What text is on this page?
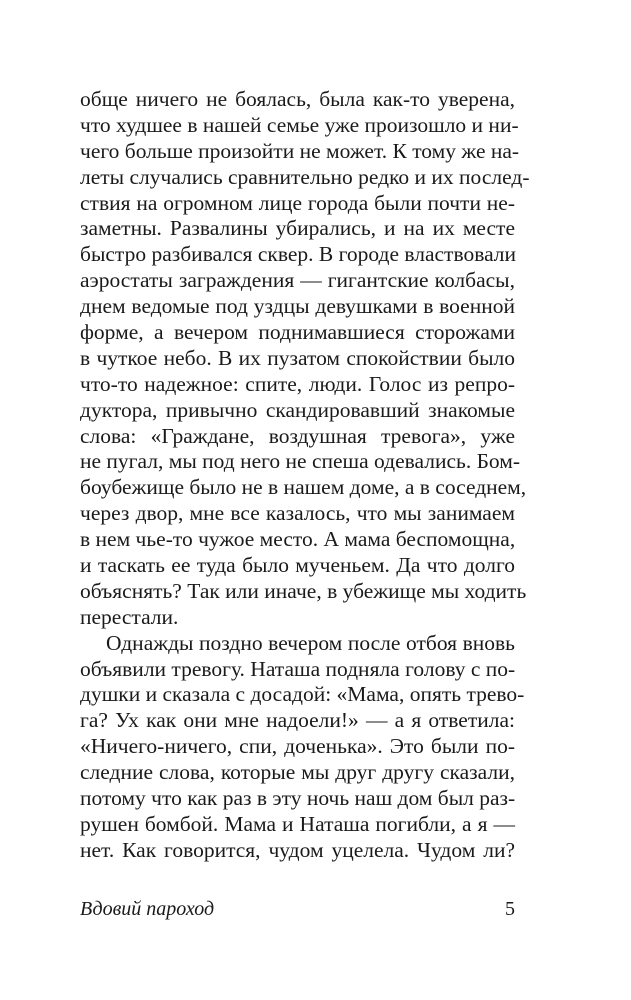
обще ничего не боялась, была как-то уверена,
что худшее в нашей семье уже произошло и ни-
чего больше произойти не может. К тому же на-
леты случались сравнительно редко и их послед-
ствия на огромном лице города были почти не-
заметны. Развалины убирались, и на их месте
быстро разбивался сквер. В городе властвовали
аэростаты заграждения — гигантские колбасы,
днем ведомые под уздцы девушками в военной
форме, а вечером поднимавшиеся сторожами
в чуткое небо. В их пузатом спокойствии было
что-то надежное: спите, люди. Голос из репро-
дуктора, привычно скандировавший знакомые
слова: «Граждане, воздушная тревога», уже
не пугал, мы под него не спеша одевались. Бом-
боубежище было не в нашем доме, а в соседнем,
через двор, мне все казалось, что мы занимаем
в нем чье-то чужое место. А мама беспомощна,
и таскать ее туда было мученьем. Да что долго
объяснять? Так или иначе, в убежище мы ходить
перестали.
Однажды поздно вечером после отбоя вновь
объявили тревогу. Наташа подняла голову с по-
душки и сказала с досадой: «Мама, опять трево-
га? Ух как они мне надоели!» — а я ответила:
«Ничего-ничего, спи, доченька». Это были по-
следние слова, которые мы друг другу сказали,
потому что как раз в эту ночь наш дом был раз-
рушен бомбой. Мама и Наташа погибли, а я —
нет. Как говорится, чудом уцелела. Чудом ли?
Вдовий пароход	5
